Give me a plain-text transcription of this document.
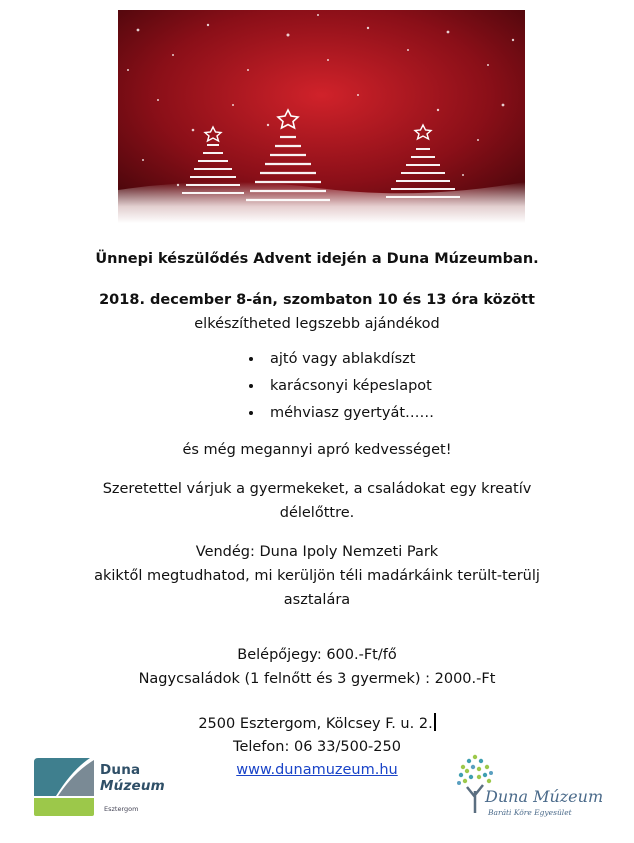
Ünnepi készülődés Advent idején a Duna Múzeumban.
2018. december 8-án, szombaton 10 és 13 óra között
elkészítheted legszebb ajándékod
• ajtó vagy ablakdíszt
• karácsonyi képeslapot
• méhviasz gyertyát……
és még megannyi apró kedvességet!
Szeretettel várjuk a gyermekeket, a családokat egy kreatív
délelőttre.
Vendég: Duna Ipoly Nemzeti Park
akiktől megtudhatod, mi kerüljön téli madárkáink terült-terülj
asztalára
Belépőjegy: 600.-Ft/fő
Nagycsaládok (1 felnőtt és 3 gyermek) : 2000.-Ft
2500 Esztergom, Kölcsey F. u. 2.
Telefon: 06 33/500-250
www.dunamuzeum.hu
Duna
Múzeum
Esztergom
Duna Múzeum
Baráti Köre Egyesület
